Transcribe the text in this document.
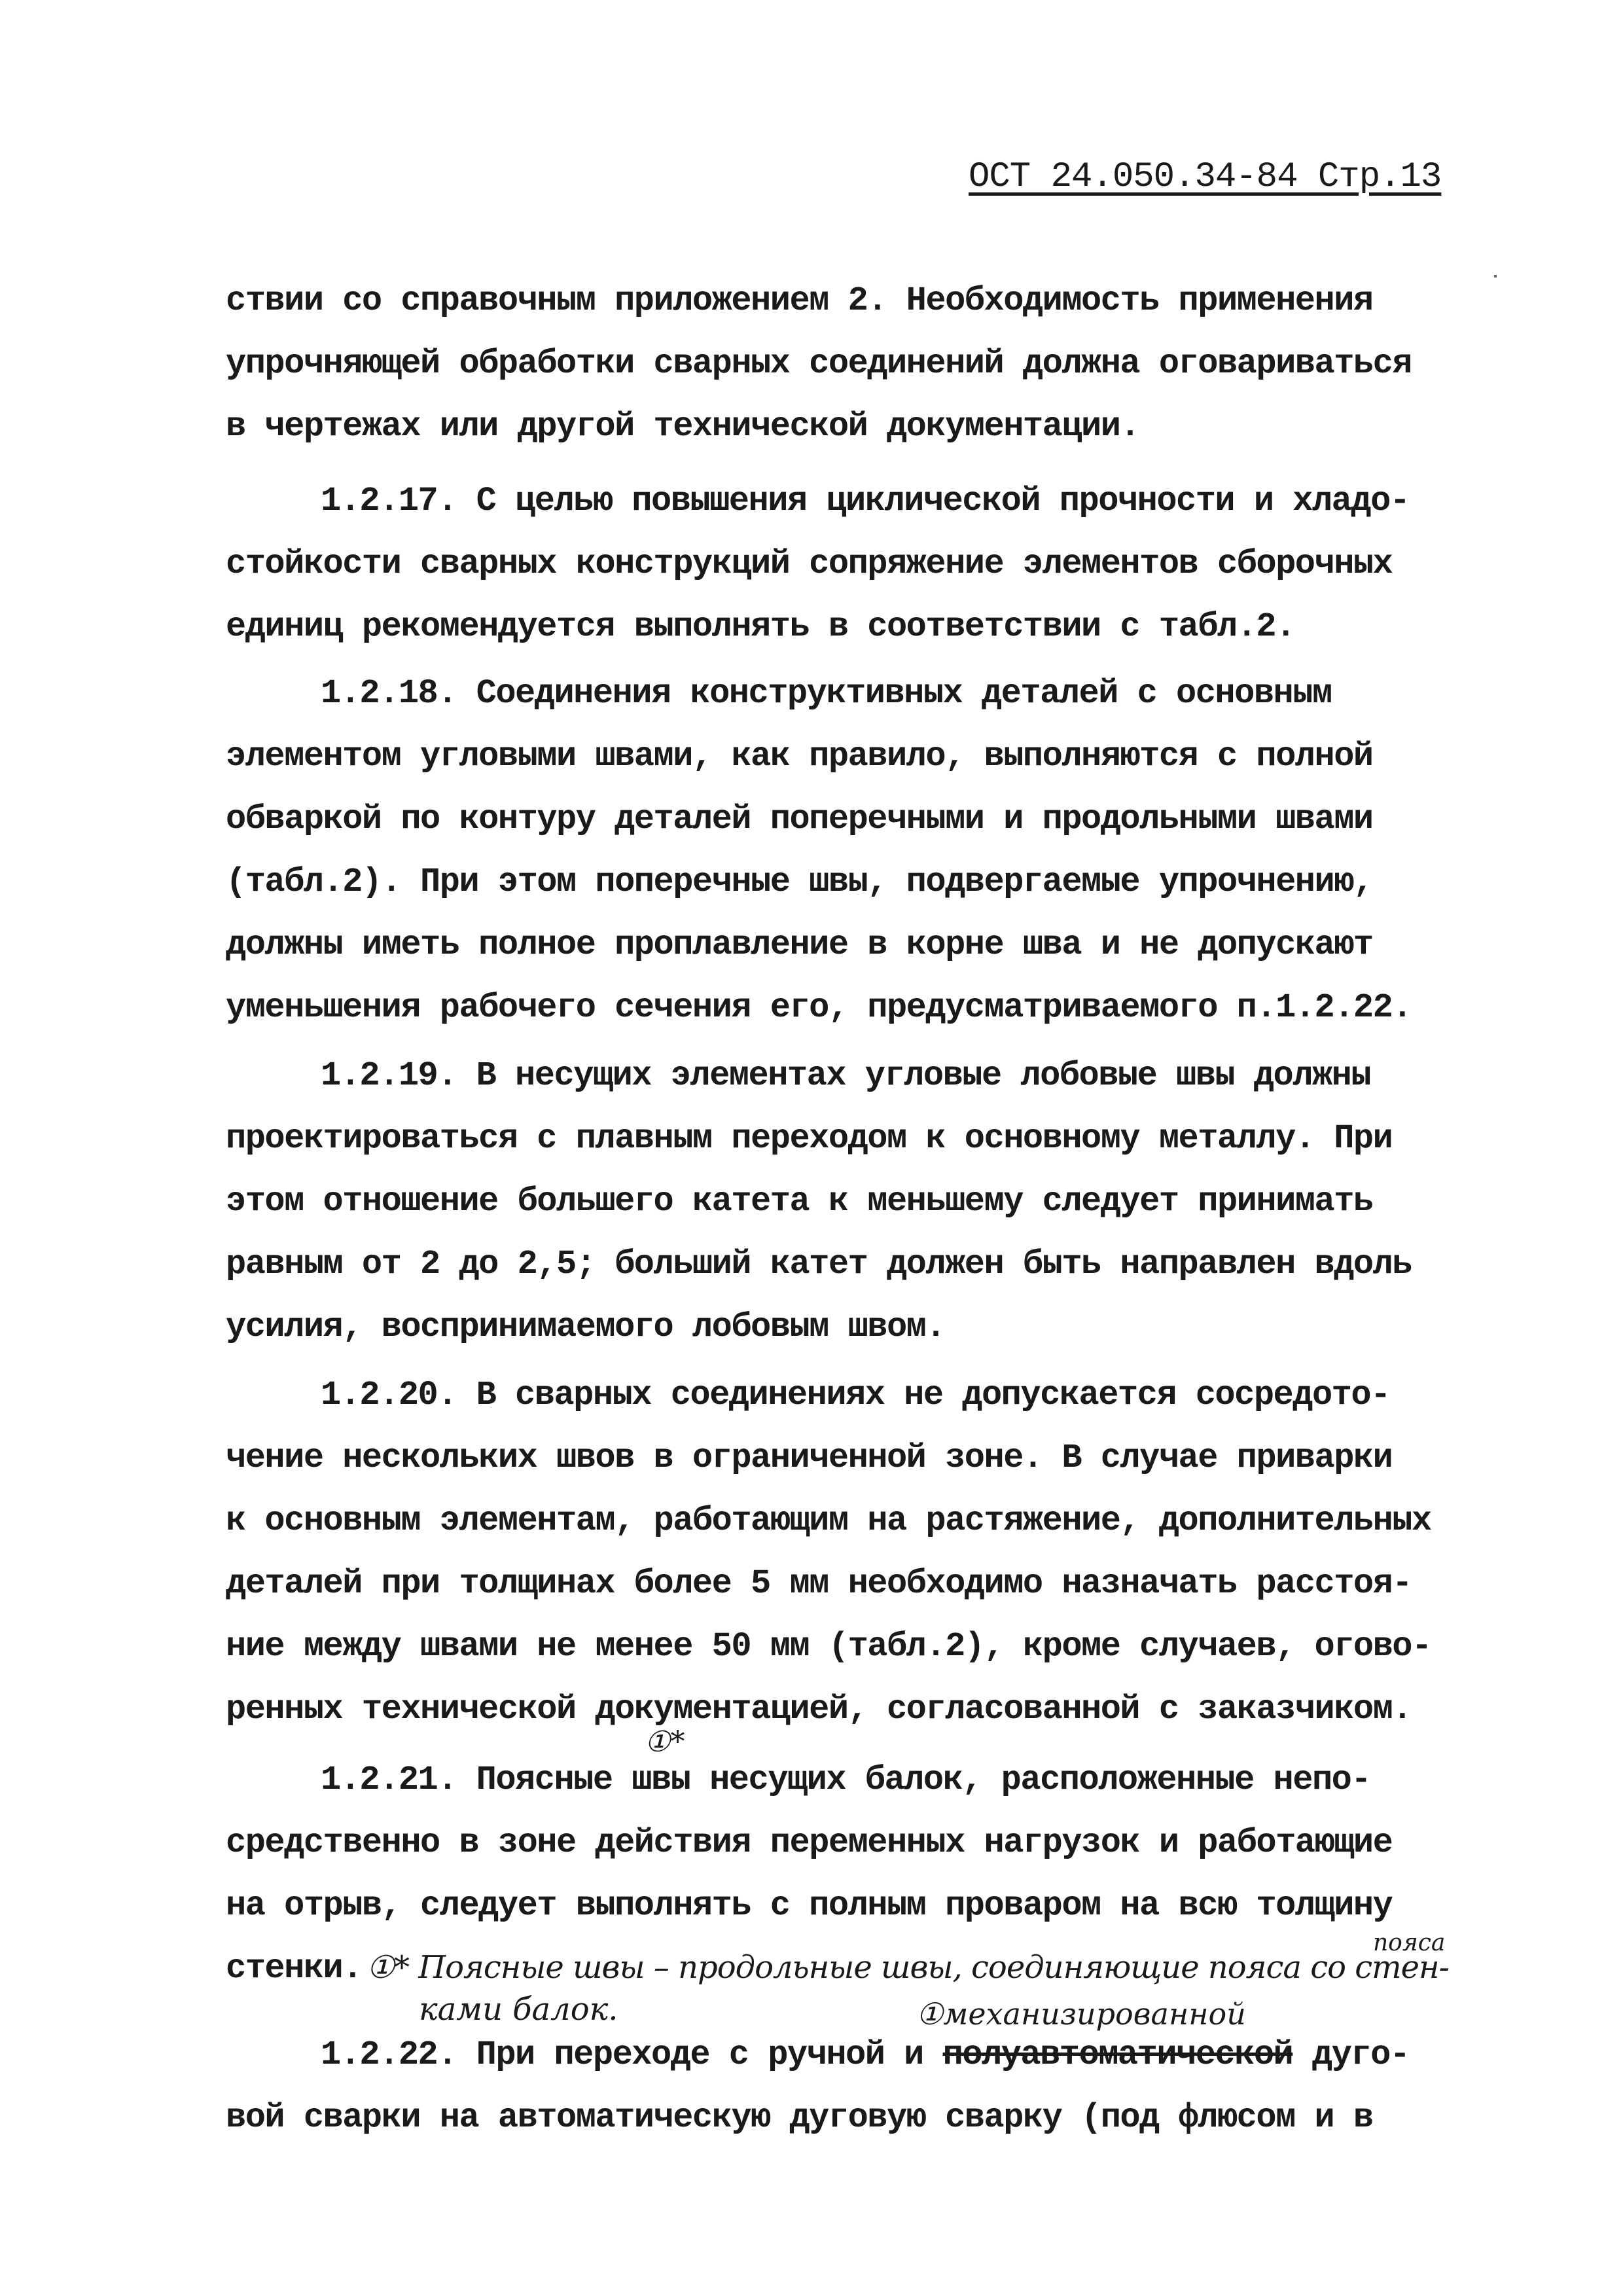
ОСТ 24.050.34-84 Стр.13
ствии со справочным приложением 2. Необходимость применения
упрочняющей обработки сварных соединений должна оговариваться
в чертежах или другой технической документации.
1.2.17. С целью повышения циклической прочности и хладо-
стойкости сварных конструкций сопряжение элементов сборочных
единиц рекомендуется выполнять в соответствии с табл.2.
1.2.18. Соединения конструктивных деталей с основным
элементом угловыми швами, как правило, выполняются с полной
обваркой по контуру деталей поперечными и продольными швами
(табл.2). При этом поперечные швы, подвергаемые упрочнению,
должны иметь полное проплавление в корне шва и не допускают
уменьшения рабочего сечения его, предусматриваемого п.1.2.22.
1.2.19. В несущих элементах угловые лобовые швы должны
проектироваться с плавным переходом к основному металлу. При
этом отношение большего катета к меньшему следует принимать
равным от 2 до 2,5; больший катет должен быть направлен вдоль
усилия, воспринимаемого лобовым швом.
1.2.20. В сварных соединениях не допускается сосредото-
чение нескольких швов в ограниченной зоне. В случае приварки
к основным элементам, работающим на растяжение, дополнительных
деталей при толщинах более 5 мм необходимо назначать расстоя-
ние между швами не менее 50 мм (табл.2), кроме случаев, огово-
ренных технической документацией, согласованной с заказчиком.
①*
1.2.21. Поясные швы несущих балок, расположенные непо-
средственно в зоне действия переменных нагрузок и работающие
на отрыв, следует выполнять с полным проваром на всю толщину
пояса
стенки. ①* Поясные швы – продольные швы, соединяющие пояса со стен-
ками балок.	①механизированной
1.2.22. При переходе с ручной и полуавтоматической дуго-
вой сварки на автоматическую дуговую сварку (под флюсом и в
